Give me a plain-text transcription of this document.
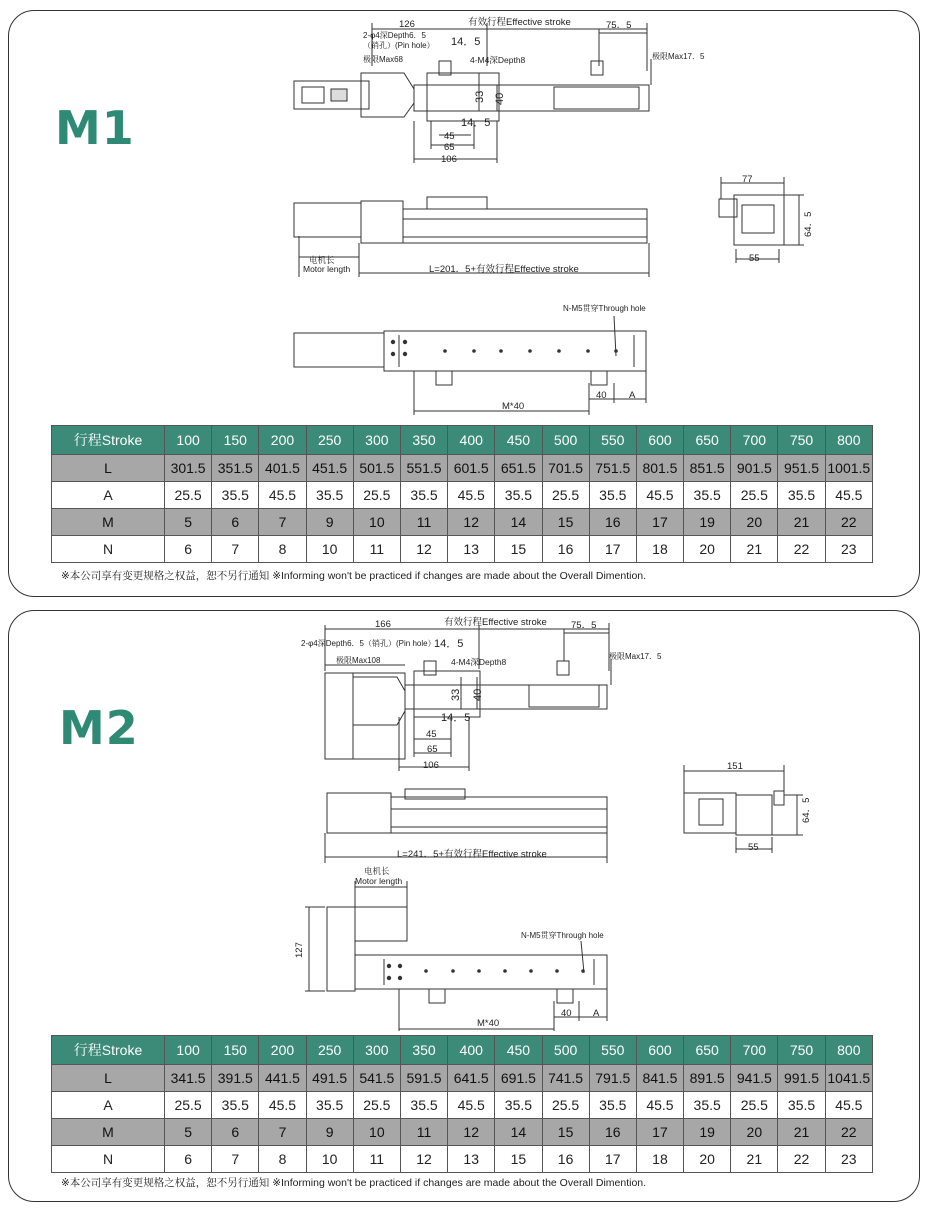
M1
126	有效行程Effective stroke	75．5
2-φ4深Depth6．5
（销孔）(Pin hole） 14．5
极限Max68	4-M4深Depth8	极限Max17．5
33 40
14．5
45
65
106
77
64．5
55
电机长
Motor length	L=201．5+有效行程Effective stroke
N-M5贯穿Through hole
40 A
M*40
行程Stroke	100	150	200	250	300	350	400	450	500	550	600	650	700	750	800
L	301.5	351.5	401.5	451.5	501.5	551.5	601.5	651.5	701.5	751.5	801.5	851.5	901.5	951.5	1001.5
A	25.5	35.5	45.5	35.5	25.5	35.5	45.5	35.5	25.5	35.5	45.5	35.5	25.5	35.5	45.5
M	5	6	7	9	10	11	12	14	15	16	17	19	20	21	22
N	6	7	8	10	11	12	13	15	16	17	18	20	21	22	23
※本公司享有变更规格之权益，恕不另行通知 ※Informing won't be practiced if changes are made about the Overall Dimention.
M2
166	有效行程Effective stroke	75．5
2-φ4深Depth6．5（销孔）(Pin hole）
14．5
极限Max108	4-M4深Depth8
极限Max17．5
33 40
14．5
45
65
106	151
64．5
55
L=241．5+有效行程Effective stroke
电机长
Motor length
127
N-M5贯穿Through hole
40 A
M*40
行程Stroke	100	150	200	250	300	350	400	450	500	550	600	650	700	750	800
L	341.5	391.5	441.5	491.5	541.5	591.5	641.5	691.5	741.5	791.5	841.5	891.5	941.5	991.5	1041.5
A	25.5	35.5	45.5	35.5	25.5	35.5	45.5	35.5	25.5	35.5	45.5	35.5	25.5	35.5	45.5
M	5	6	7	9	10	11	12	14	15	16	17	19	20	21	22
N	6	7	8	10	11	12	13	15	16	17	18	20	21	22	23
※本公司享有变更规格之权益，恕不另行通知 ※Informing won't be practiced if changes are made about the Overall Dimention.
